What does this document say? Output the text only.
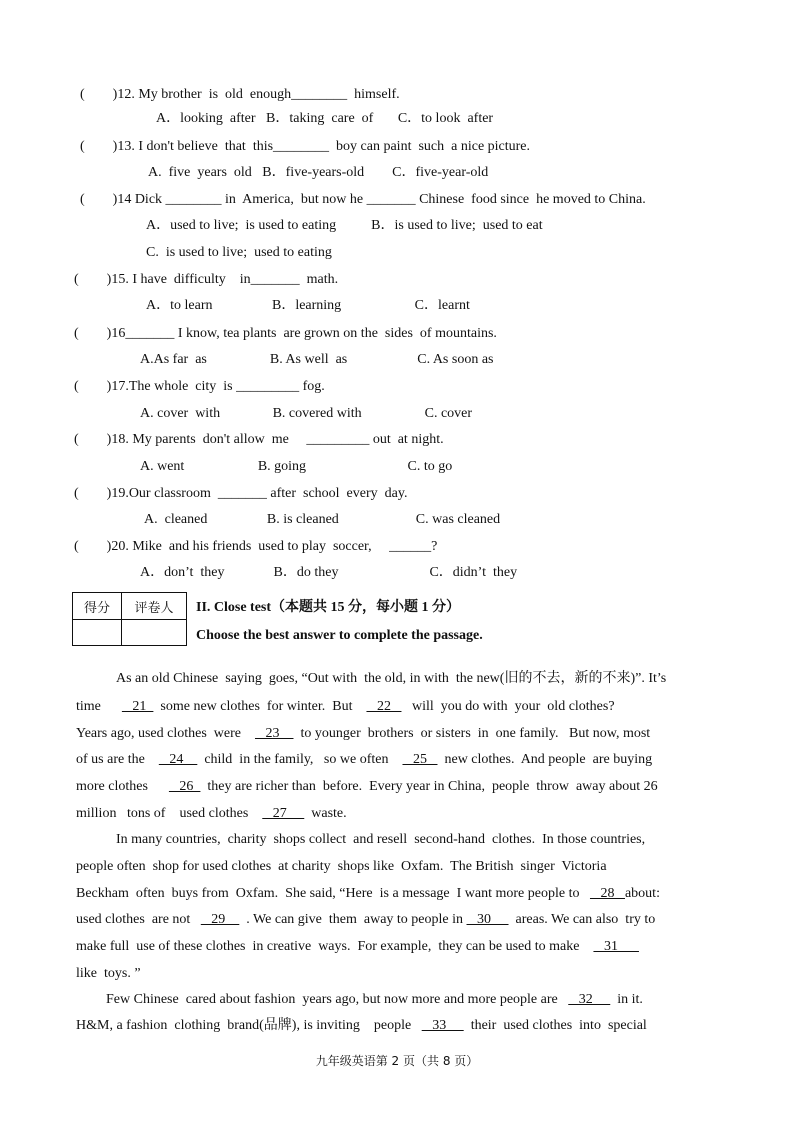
(        )12. My brother  is  old  enough________  himself.
A．looking  after   B．taking  care  of       C．to look  after
(        )13. I don't believe  that  this________  boy can paint  such  a nice picture.
A.  five  years  old   B．five-years-old        C．five-year-old
(        )14 Dick ________ in  America,  but now he _______ Chinese  food since  he moved to China.
A．used to live;  is used to eating          B．is used to live;  used to eat
C.  is used to live;  used to eating
(        )15. I have  difficulty    in_______  math.
A．to learn                 B．learning                     C．learnt
(        )16_______ I know, tea plants  are grown on the  sides  of mountains.
A.As far  as                  B. As well  as                    C. As soon as
(        )17.The whole  city  is _________ fog.
A. cover  with               B. covered with                  C. cover
(        )18. My parents  don't allow  me     _________ out  at night.
A. went                     B. going                             C. to go
(        )19.Our classroom  _______ after  school  every  day.
A.  cleaned                 B. is cleaned                      C. was cleaned
(        )20. Mike  and his friends  used to play  soccer,     ______?
A．don’t  they              B．do they                          C．didn’t  they
得分	评卷人
	II. Close test（本题共 15 分，每小题 1 分）
Choose the best answer to complete the passage.
As an old Chinese  saying  goes, “Out with  the old, in with  the new(旧的不去，新的不来)”. It’s
time         21    some new clothes  for winter.  But       22      will  you do with  your  old clothes?
Years ago, used clothes  were       23      to younger  brothers  or sisters  in  one family.   But now, most
of us are the       24      child  in the family,   so we often       25     new clothes.  And people  are buying
more clothes         26    they are richer than  before.  Every year in China,  people  throw  away about 26
million   tons of    used clothes       27       waste.
In many countries,  charity  shops collect  and resell  second-hand  clothes.  In those countries,
people often  shop for used clothes  at charity  shops like  Oxfam.  The British  singer  Victoria
Beckham  often  buys from  Oxfam.  She said, “Here  is a message  I want more people to      28   about:
used clothes  are not      29      . We can give  them  away to people in    30       areas. We can also  try to
make full  use of these clothes  in creative  ways.  For example,  they can be used to make       31
like  toys. ”
Few Chinese  cared about fashion  years ago, but now more and more people are      32       in it.
H&M, a fashion  clothing  brand(品牌), is inviting    people      33       their  used clothes  into  special
九年级英语第 2 页（共 8 页）
